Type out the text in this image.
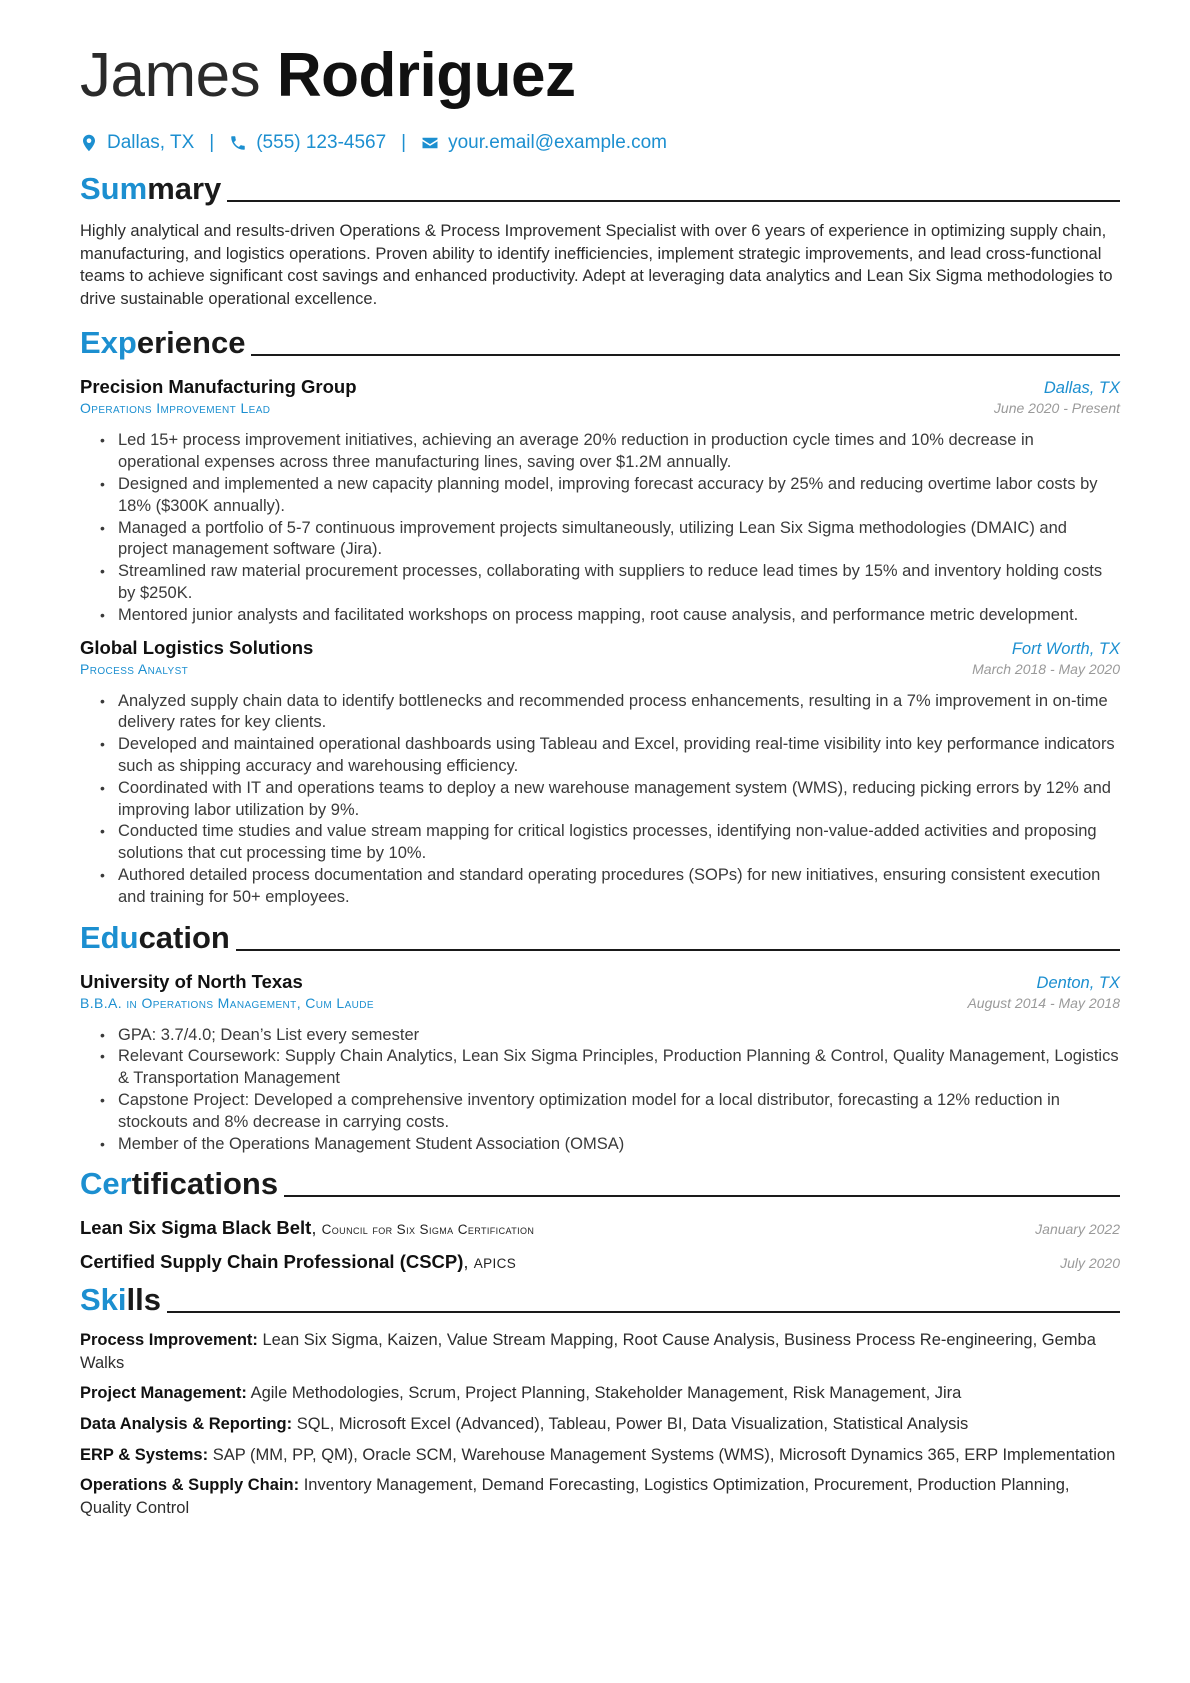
James Rodriguez
Dallas, TX | (555) 123-4567 | your.email@example.com
Summary

Highly analytical and results-driven Operations & Process Improvement Specialist with over 6 years of experience in optimizing supply chain, manufacturing, and logistics operations. Proven ability to identify inefficiencies, implement strategic improvements, and lead cross-functional teams to achieve significant cost savings and enhanced productivity. Adept at leveraging data analytics and Lean Six Sigma methodologies to drive sustainable operational excellence.

Experience
Precision Manufacturing Group	Dallas, TX
Operations Improvement Lead	June 2020 - Present
• Led 15+ process improvement initiatives, achieving an average 20% reduction in production cycle times and 10% decrease in operational expenses across three manufacturing lines, saving over $1.2M annually.
• Designed and implemented a new capacity planning model, improving forecast accuracy by 25% and reducing overtime labor costs by 18% ($300K annually).
• Managed a portfolio of 5-7 continuous improvement projects simultaneously, utilizing Lean Six Sigma methodologies (DMAIC) and project management software (Jira).
• Streamlined raw material procurement processes, collaborating with suppliers to reduce lead times by 15% and inventory holding costs by $250K.
• Mentored junior analysts and facilitated workshops on process mapping, root cause analysis, and performance metric development.
Global Logistics Solutions	Fort Worth, TX
Process Analyst	March 2018 - May 2020
• Analyzed supply chain data to identify bottlenecks and recommended process enhancements, resulting in a 7% improvement in on-time delivery rates for key clients.
• Developed and maintained operational dashboards using Tableau and Excel, providing real-time visibility into key performance indicators such as shipping accuracy and warehousing efficiency.
• Coordinated with IT and operations teams to deploy a new warehouse management system (WMS), reducing picking errors by 12% and improving labor utilization by 9%.
• Conducted time studies and value stream mapping for critical logistics processes, identifying non-value-added activities and proposing solutions that cut processing time by 10%.
• Authored detailed process documentation and standard operating procedures (SOPs) for new initiatives, ensuring consistent execution and training for 50+ employees.
Education
University of North Texas	Denton, TX
B.B.A. in Operations Management, Cum Laude	August 2014 - May 2018
• GPA: 3.7/4.0; Dean’s List every semester
• Relevant Coursework: Supply Chain Analytics, Lean Six Sigma Principles, Production Planning & Control, Quality Management, Logistics & Transportation Management
• Capstone Project: Developed a comprehensive inventory optimization model for a local distributor, forecasting a 12% reduction in stockouts and 8% decrease in carrying costs.
• Member of the Operations Management Student Association (OMSA)
Certifications
Lean Six Sigma Black Belt, Council for Six Sigma Certification	January 2022
Certified Supply Chain Professional (CSCP), APICS	July 2020
Skills

Process Improvement: Lean Six Sigma, Kaizen, Value Stream Mapping, Root Cause Analysis, Business Process Re-engineering, Gemba Walks

Project Management: Agile Methodologies, Scrum, Project Planning, Stakeholder Management, Risk Management, Jira

Data Analysis & Reporting: SQL, Microsoft Excel (Advanced), Tableau, Power BI, Data Visualization, Statistical Analysis

ERP & Systems: SAP (MM, PP, QM), Oracle SCM, Warehouse Management Systems (WMS), Microsoft Dynamics 365, ERP Implementation

Operations & Supply Chain: Inventory Management, Demand Forecasting, Logistics Optimization, Procurement, Production Planning, Quality Control
